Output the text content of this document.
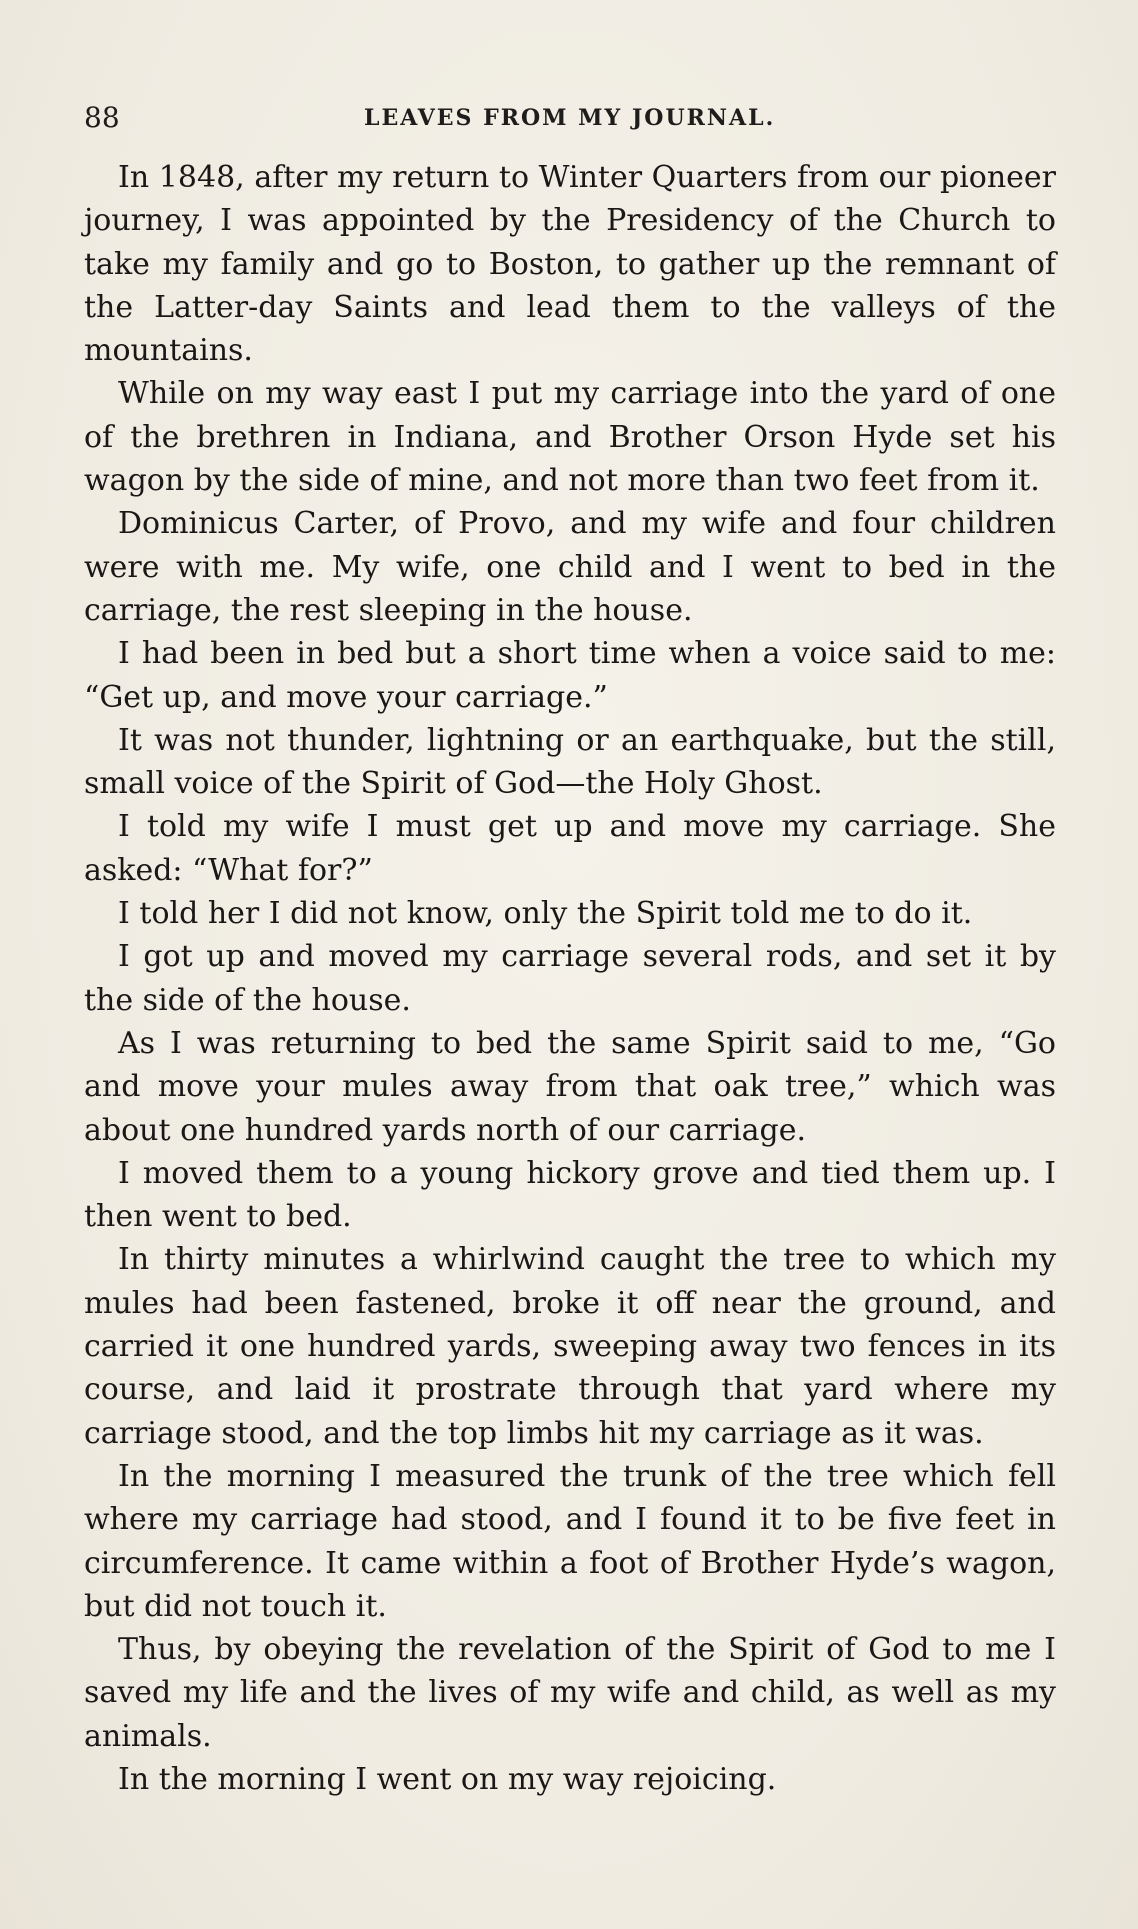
88	LEAVES FROM MY JOURNAL.

In 1848, after my return to Winter Quarters from our pioneer journey, I was appointed by the Presidency of the Church to take my family and go to Boston, to gather up the remnant of the Latter-day Saints and lead them to the valleys of the mountains.

While on my way east I put my carriage into the yard of one of the brethren in Indiana, and Brother Orson Hyde set his wagon by the side of mine, and not more than two feet from it.

Dominicus Carter, of Provo, and my wife and four children were with me. My wife, one child and I went to bed in the carriage, the rest sleeping in the house.

I had been in bed but a short time when a voice said to me: “Get up, and move your carriage.”

It was not thunder, lightning or an earthquake, but the still, small voice of the Spirit of God—the Holy Ghost.

I told my wife I must get up and move my carriage. She asked: “What for?”

I told her I did not know, only the Spirit told me to do it.

I got up and moved my carriage several rods, and set it by the side of the house.

As I was returning to bed the same Spirit said to me, “Go and move your mules away from that oak tree,” which was about one hundred yards north of our carriage.

I moved them to a young hickory grove and tied them up. I then went to bed.

In thirty minutes a whirlwind caught the tree to which my mules had been fastened, broke it off near the ground, and carried it one hundred yards, sweeping away two fences in its course, and laid it prostrate through that yard where my carriage stood, and the top limbs hit my carriage as it was.

In the morning I measured the trunk of the tree which fell where my carriage had stood, and I found it to be five feet in circumference. It came within a foot of Brother Hyde’s wagon, but did not touch it.

Thus, by obeying the revelation of the Spirit of God to me I saved my life and the lives of my wife and child, as well as my animals.

In the morning I went on my way rejoicing.
